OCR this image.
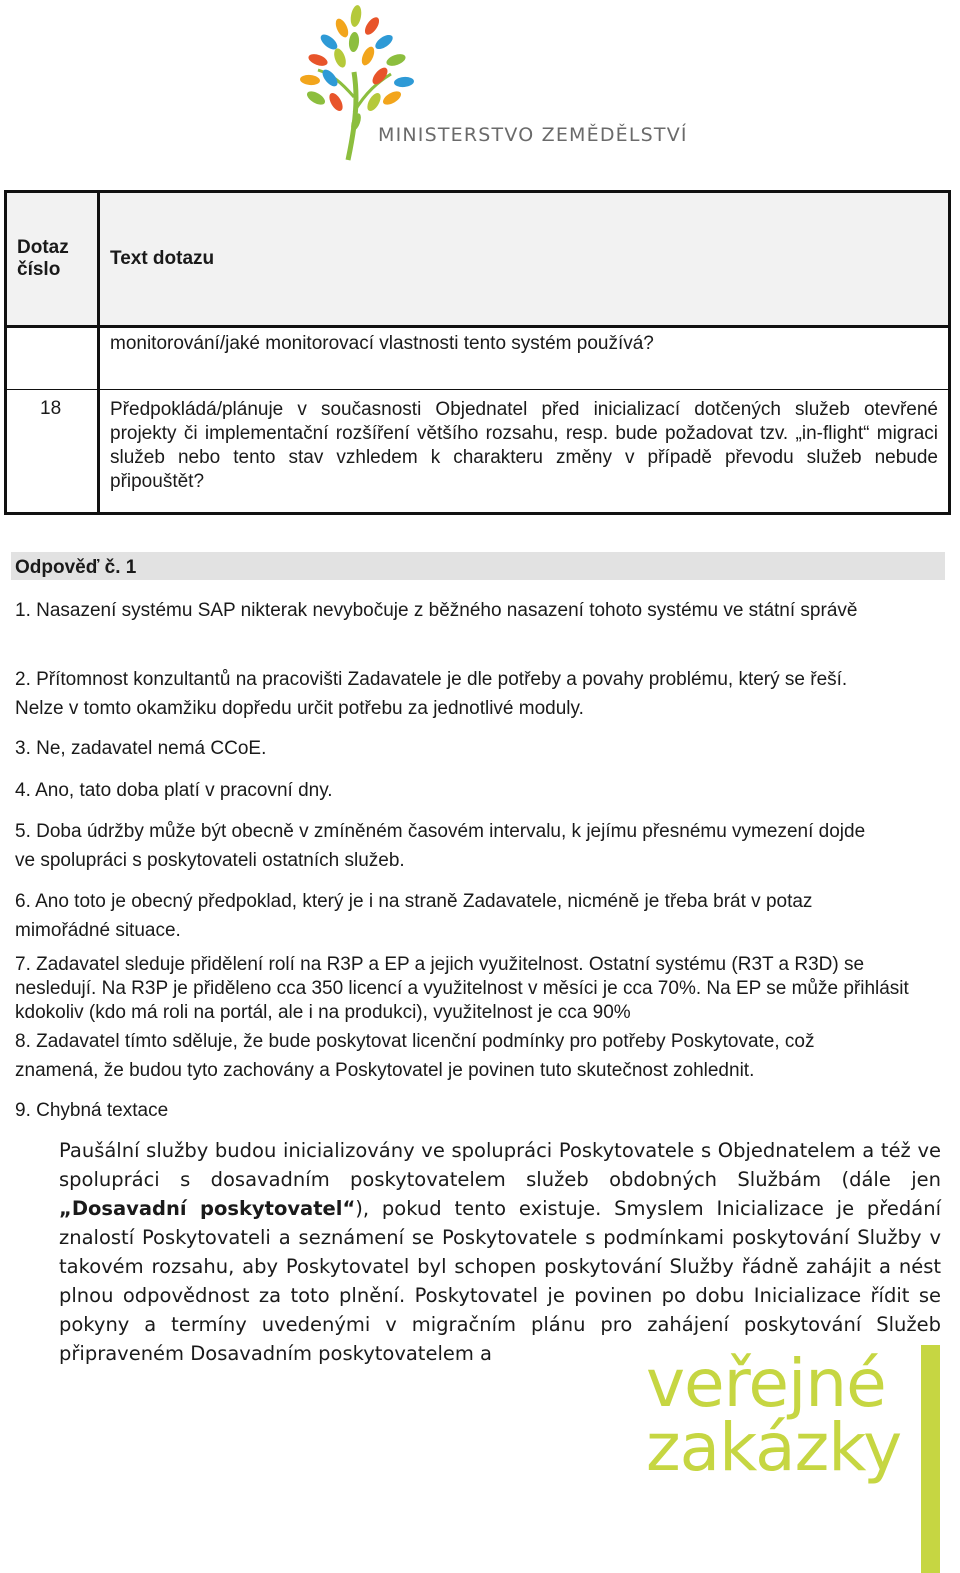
MINISTERSTVO ZEMĚDĚLSTVÍ
Dotaz číslo	Text dotazu

	monitorování/jaké monitorovací vlastnosti tento systém používá?

18	Předpokládá/plánuje v současnosti Objednatel před inicializací dotčených služeb otevřené projekty či implementační rozšíření většího rozsahu, resp. bude požadovat tzv. „in-flight“ migraci služeb nebo tento stav vzhledem k charakteru změny v případě převodu služeb nebude připouštět?
Odpověď č. 1
1. Nasazení systému SAP nikterak nevybočuje z běžného nasazení tohoto systému ve státní správě
2. Přítomnost konzultantů na pracovišti Zadavatele je dle potřeby a povahy problému, který se řeší. Nelze v tomto okamžiku dopředu určit potřebu za jednotlivé moduly.
3. Ne, zadavatel nemá CCoE.
4. Ano, tato doba platí v pracovní dny.
5. Doba údržby může být obecně v zmíněném časovém intervalu, k jejímu přesnému vymezení dojde ve spolupráci s poskytovateli ostatních služeb.
6. Ano toto je obecný předpoklad, který je i na straně Zadavatele, nicméně je třeba brát v potaz mimořádné situace.
7. Zadavatel sleduje přidělení rolí na R3P a EP a jejich využitelnost. Ostatní systému (R3T a R3D) se nesledují. Na R3P je přiděleno cca 350 licencí a využitelnost v měsíci je cca 70%. Na EP se může přihlásit kdokoliv (kdo má roli na portál, ale i na produkci), využitelnost je cca 90%
8. Zadavatel tímto sděluje, že bude poskytovat licenční podmínky pro potřeby Poskytovate, což znamená, že budou tyto zachovány a Poskytovatel je povinen tuto skutečnost zohlednit.
9. Chybná textace
Paušální služby budou inicializovány ve spolupráci Poskytovatele s Objednatelem a též ve spolupráci s dosavadním poskytovatelem služeb obdobných Službám (dále jen „Dosavadní poskytovatel“), pokud tento existuje. Smyslem Inicializace je předání znalostí Poskytovateli a seznámení se Poskytovatele s podmínkami poskytování Služby v takovém rozsahu, aby Poskytovatel byl schopen poskytování Služby řádně zahájit a nést plnou odpovědnost za toto plnění. Poskytovatel je povinen po dobu Inicializace řídit se pokyny a termíny uvedenými v migračním plánu pro zahájení poskytování Služeb připraveném Dosavadním poskytovatelem a	veřejné
zakázky
